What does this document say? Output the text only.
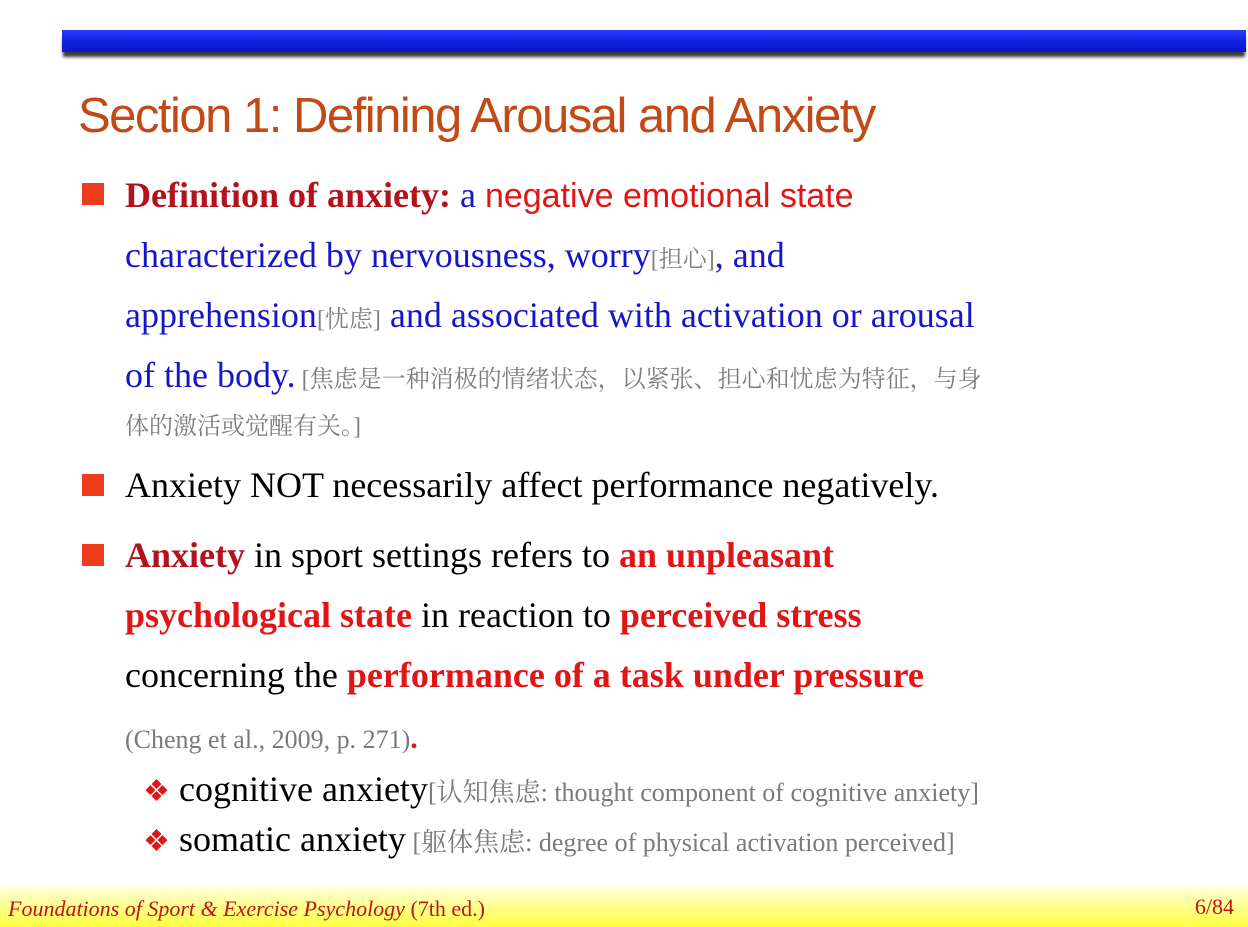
Section 1: Defining Arousal and Anxiety
Definition of anxiety: a negative emotional state
characterized by nervousness, worry[担心], and
apprehension[忧虑] and associated with activation or arousal
of the body. [焦虑是一种消极的情绪状态，以紧张、担心和忧虑为特征，与身
体的激活或觉醒有关。]
Anxiety NOT necessarily affect performance negatively.
Anxiety in sport settings refers to an unpleasant
psychological state in reaction to perceived stress
concerning the performance of a task under pressure
(Cheng et al., 2009, p. 271).
❖ cognitive anxiety[认知焦虑: thought component of cognitive anxiety]
❖ somatic anxiety [躯体焦虑: degree of physical activation perceived]
Foundations of Sport & Exercise Psychology (7th ed.)	6/84
